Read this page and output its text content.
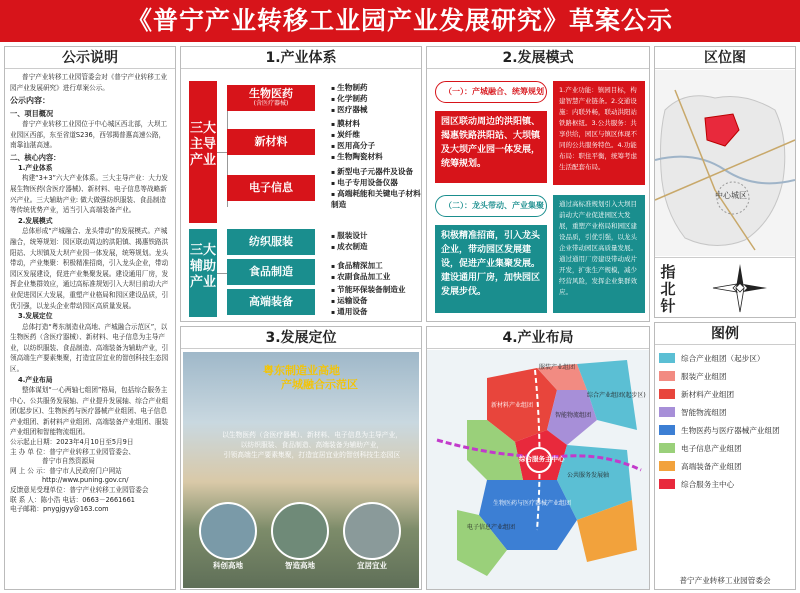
《普宁产业转移工业园产业发展研究》草案公示
公示说明

普宁产业转移工业园管委会对《普宁产业转移工业园产业发展研究》进行草案公示。

公示内容：
一、项目概况

普宁产业转移工业园位于中心城区西北部，大坝工业园区西部，东至省道S236，西邻揭普惠高速公路，南靠汕湛高速。

二、核心内容：
1.产业体系

构建“3+3”六大产业体系。三大主导产业：大力发展生物医药(含医疗器械)、新材料、电子信息等战略新兴产业。三大辅助产业: 做大做强纺织服装、食品制造等传统优势产业，适当引入高端装备产业。

2.发展模式

总体形成“产城融合、龙头带动”的发展模式。产城融合，统筹规划：园区联动周边的洪阳镇、揭惠铁路洪阳站、大坝镇及大坝产业园一体发展，统筹规划。龙头带动，产业集聚：积极精准招商，引入龙头企业，带动园区发展建设，促进产业集聚发展。建设通用厂房，发挥企业集群效应，通过高标准规划引入大坝目前动大产业促进园区大发展，重塑产业格局和园区建设品质，引优引强，以龙头企业带动园区高质量发展。

3.发展定位

总体打造“粤东制造业高地、产城融合示范区”，以生物医药（含医疗器械）、新材料、电子信息为主导产业，以纺织服装、食品制造、高端装备为辅助产业，引领高端生产要素集聚，打造宜居宜业的智创科技生态园区。

4.产业布局

整体谋划“一心两轴七组团”格局，包括综合服务主中心、公共服务发展轴、产业提升发展轴、综合产业组团(起步区)、生物医药与医疗器械产业组团、电子信息产业组团、新材料产业组团、高端装备产业组团、服装产业组团和智能物流组团。

公示起止日期：2023年4月10日至5月9日

主 办 单 位：普宁产业转移工业园管委会、

普宁市自然资源局

网 上 公 示：普宁市人民政府门户网站

http://www.puning.gov.cn/

反馈意见受理单位：普宁产业转移工业园管委会

联 系 人：陈小浩 电话：0663－2661661

电子邮箱：pnygjgyy@163.com

1.产业体系
三大主导产业
三大辅助产业
生物医药
(含医疗器械)
▪ 生物制药
▪ 化学制药
▪ 医疗器械
新材料
▪ 膜材料
▪ 炭纤维
▪ 医用高分子
▪ 生物陶瓷材料
电子信息
▪ 新型电子元器件及设备
▪ 电子专用设备仪器
▪ 高端耗能和关键电子材料制造
纺织服装	▪ 服装设计
▪ 成衣制造
食品制造	▪ 食品精深加工
▪ 农副食品加工业
高端装备
▪ 节能环保装备制造业
▪ 运输设备
▪ 通用设备
2.发展模式
（一）：产城融合、统筹规划
园区联动周边的洪阳镇、揭惠铁路洪阳站、大坝镇及大坝产业园一体发展，统筹规划。
1.产业功能：镇园目标，构建智慧产业链条。2.交通设施：内联外畅，联动洪阳站铁路枢纽。3.公共服务：共享供给，园区与镇区体现不同的公共服务特色。4.功能布局：职住平衡，统筹考虑生活配套布局。
（二）：龙头带动、产业集聚	通过高标准规划引入大坝目前动大产业促进园区大发展，重塑产业格局和园区建设品质，引优引强，以龙头企业带动园区高质量发展。通过通用厂房建设带动成片开发，扩张生产规模，减少经营风险，发挥企业集群效应。
积极精准招商，引入龙头企业，带动园区发展建设，促进产业集聚发展。建设通用厂房，加快园区发展步伐。
区位图
中心城区
指北针
3.发展定位
粤东制造业高地
产城融合示范区
以生物医药（含医疗器械）、新材料、电子信息为主导产业，
以纺织服装、食品制造、高端装备为辅助产业，
引领高端生产要素集聚，打造宜居宜业的智创科技生态园区
科创高地	智造高地	宜居宜业
4.产业布局
综合服务主中心
新材料产业组团
服装产业组团
智能物流组团
电子信息产业组团
生物医药与医疗器械产业组团
公共服务发展轴
综合产业组团(起步区)
图例
综合产业组团（起步区）
服装产业组团
新材料产业组团
智能物流组团
生物医药与医疗器械产业组团
电子信息产业组团
高端装备产业组团
综合服务主中心
普宁产业转移工业园管委会
